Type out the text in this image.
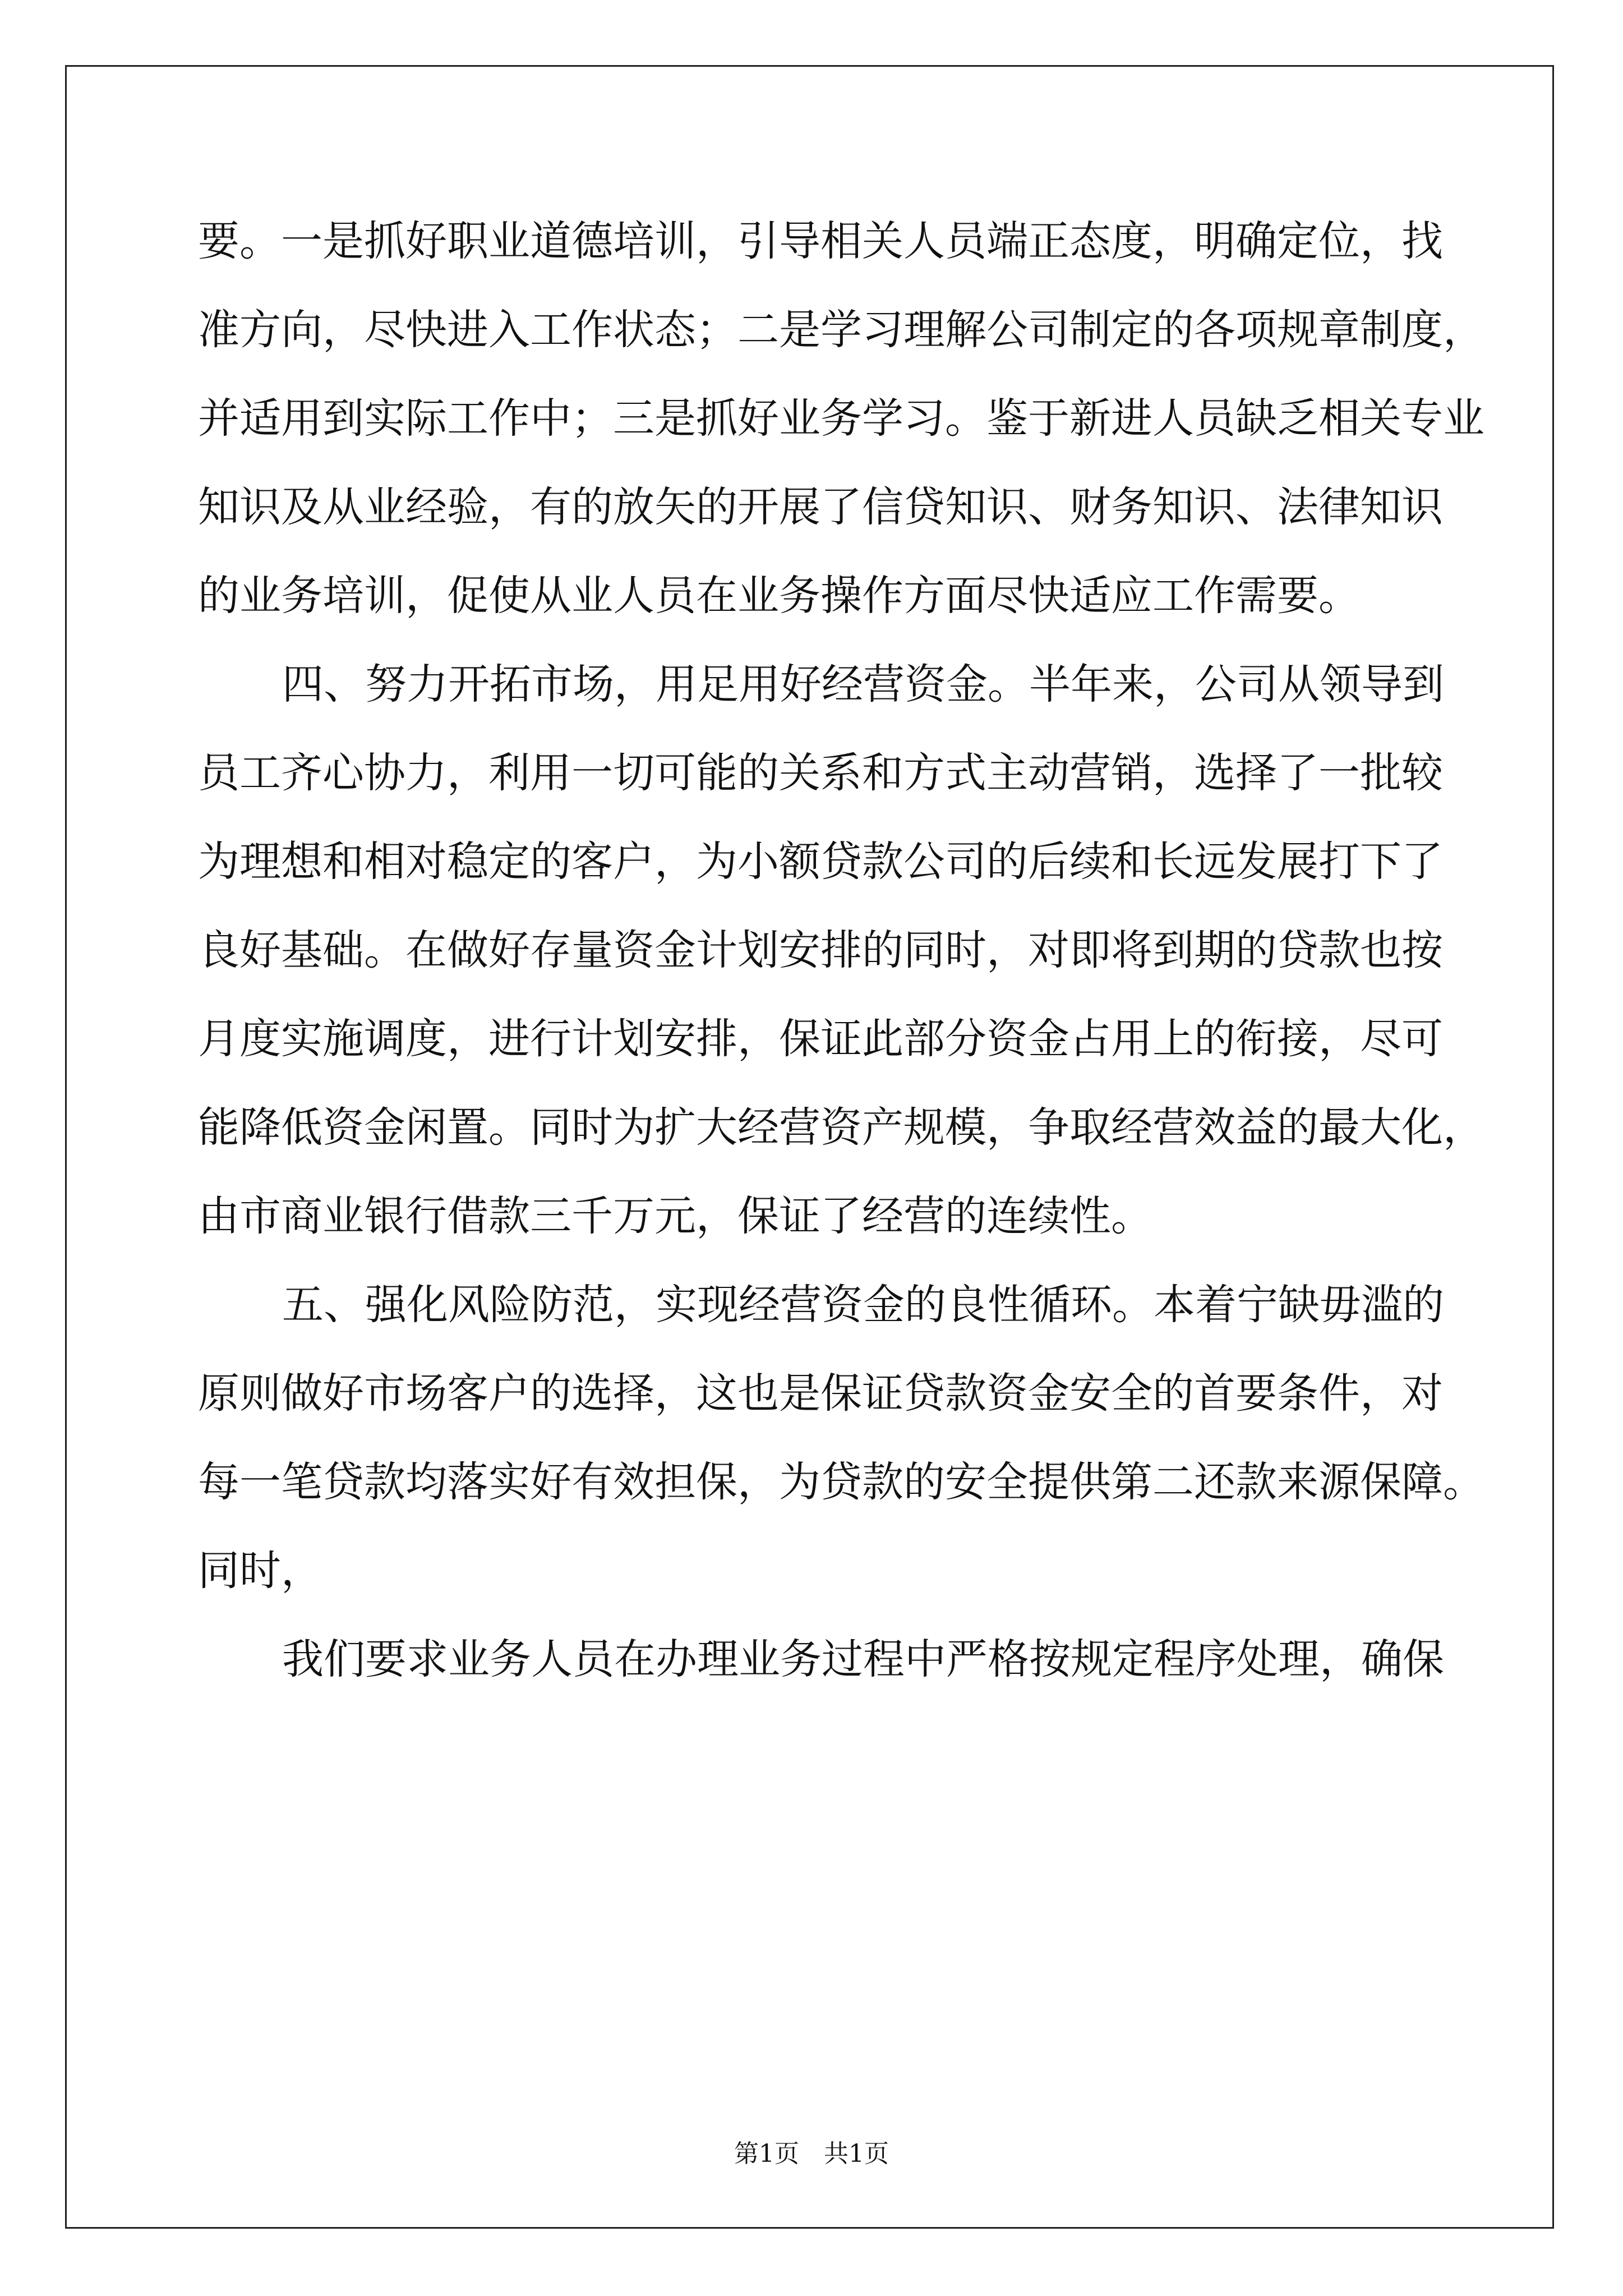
要。一是抓好职业道德培训，引导相关人员端正态度，明确定位，找
准方向，尽快进入工作状态；二是学习理解公司制定的各项规章制度，
并适用到实际工作中；三是抓好业务学习。鉴于新进人员缺乏相关专业
知识及从业经验，有的放矢的开展了信贷知识、财务知识、法律知识
的业务培训，促使从业人员在业务操作方面尽快适应工作需要。
四、努力开拓市场，用足用好经营资金。半年来，公司从领导到
员工齐心协力，利用一切可能的关系和方式主动营销，选择了一批较
为理想和相对稳定的客户，为小额贷款公司的后续和长远发展打下了
良好基础。在做好存量资金计划安排的同时，对即将到期的贷款也按
月度实施调度，进行计划安排，保证此部分资金占用上的衔接，尽可
能降低资金闲置。同时为扩大经营资产规模，争取经营效益的最大化，
由市商业银行借款三千万元，保证了经营的连续性。
五、强化风险防范，实现经营资金的良性循环。本着宁缺毋滥的
原则做好市场客户的选择，这也是保证贷款资金安全的首要条件，对
每一笔贷款均落实好有效担保，为贷款的安全提供第二还款来源保障。
同时，
我们要求业务人员在办理业务过程中严格按规定程序处理，确保
第1页　共1页
